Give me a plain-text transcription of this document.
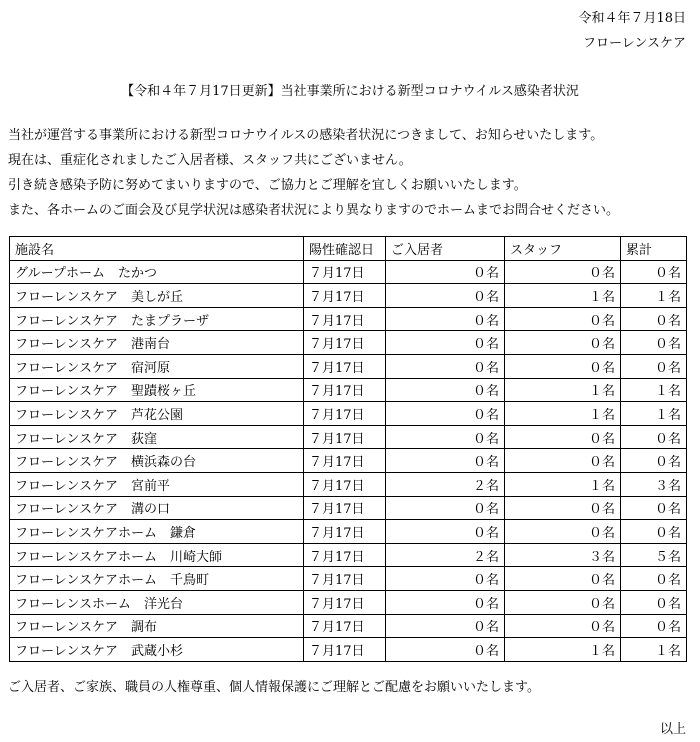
令和４年７月18日
フローレンスケア
【令和４年７月17日更新】当社事業所における新型コロナウイルス感染者状況

当社が運営する事業所における新型コロナウイルスの感染者状況につきまして、お知らせいたします。

現在は、重症化されましたご入居者様、スタッフ共にございません。

引き続き感染予防に努めてまいりますので、ご協力とご理解を宜しくお願いいたします。

また、各ホームのご面会及び見学状況は感染者状況により異なりますのでホームまでお問合せください。

施設名	陽性確認日	ご入居者	スタッフ	累計
グループホーム　たかつ	７月17日	０名	０名	０名
フローレンスケア　美しが丘	７月17日	０名	１名	１名
フローレンスケア　たまプラーザ	７月17日	０名	０名	０名
フローレンスケア　港南台	７月17日	０名	０名	０名
フローレンスケア　宿河原	７月17日	０名	０名	０名
フローレンスケア　聖蹟桜ヶ丘	７月17日	０名	１名	１名
フローレンスケア　芦花公園	７月17日	０名	１名	１名
フローレンスケア　荻窪	７月17日	０名	０名	０名
フローレンスケア　横浜森の台	７月17日	０名	０名	０名
フローレンスケア　宮前平	７月17日	２名	１名	３名
フローレンスケア　溝の口	７月17日	０名	０名	０名
フローレンスケアホーム　鎌倉	７月17日	０名	０名	０名
フローレンスケアホーム　川崎大師	７月17日	２名	３名	５名
フローレンスケアホーム　千鳥町	７月17日	０名	０名	０名
フローレンスホーム　洋光台	７月17日	０名	０名	０名
フローレンスケア　調布	７月17日	０名	０名	０名
フローレンスケア　武蔵小杉	７月17日	０名	１名	１名
ご入居者、ご家族、職員の人権尊重、個人情報保護にご理解とご配慮をお願いいたします。
以上
